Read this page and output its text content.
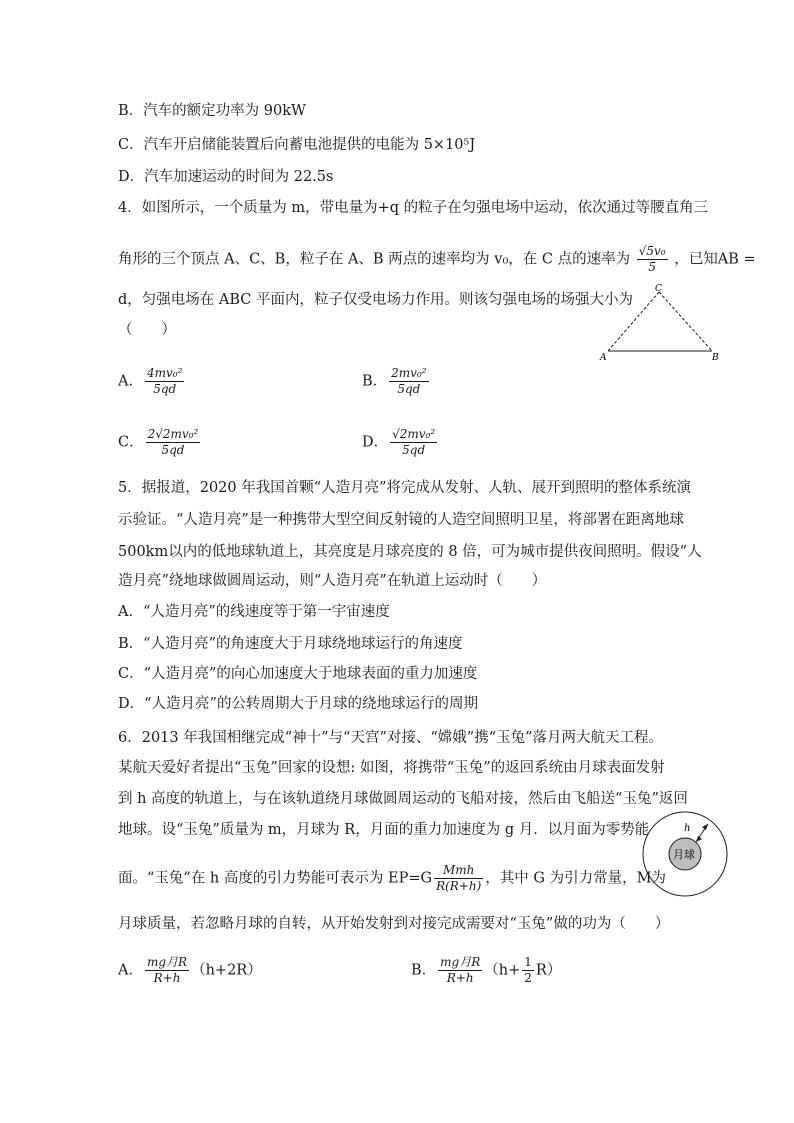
B．汽车的额定功率为 90kW
C．汽车开启储能装置后向蓄电池提供的电能为 5×10⁵J
D．汽车加速运动的时间为 22.5s
4．如图所示，一个质量为 m，带电量为+q 的粒子在匀强电场中运动，依次通过等腰直角三
角形的三个顶点 A、C、B，粒子在 A、B 两点的速率均为 v₀，在 C 点的速率为 $\frac{\text{√5v₀}}{5}$ ，已知AB =
d，匀强电场在 ABC 平面内，粒子仅受电场力作用。则该匀强电场的场强大小为
（　　）
A	B
C
A． $\frac{\text{4mv₀²}}{5qd}$	B． $\frac{\text{2mv₀²}}{5qd}$
C． $\frac{\text{2√2mv₀²}}{5qd}$	D． $\frac{\text{√2mv₀²}}{5qd}$
5．据报道，2020 年我国首颗“人造月亮”将完成从发射、人轨、展开到照明的整体系统演
示验证。“人造月亮”是一种携带大型空间反射镜的人造空间照明卫星，将部署在距离地球
500km以内的低地球轨道上，其亮度是月球亮度的 8 倍，可为城市提供夜间照明。假设“人
造月亮”绕地球做圆周运动，则“人造月亮”在轨道上运动时（　　）
A．“人造月亮”的线速度等于第一宇宙速度
B．“人造月亮”的角速度大于月球绕地球运行的角速度
C．“人造月亮”的向心加速度大于地球表面的重力加速度
D．“人造月亮”的公转周期大于月球的绕地球运行的周期
6．2013 年我国相继完成“神十”与“天宫”对接、“嫦娥”携“玉兔”落月两大航天工程。
某航天爱好者提出“玉兔”回家的设想: 如图，将携带“玉兔”的返回系统由月球表面发射
到 h 高度的轨道上，与在该轨道绕月球做圆周运动的飞船对接，然后由飞船送“玉兔”返回
地球。设“玉兔”质量为 m，月球为 R，月面的重力加速度为 g 月．以月面为零势能
面。“玉兔”在 h 高度的引力势能可表示为 $EP=G \frac{\text{Mmh}}{R(R+h)}$ ，其中 G 为引力常量，M为
月球质量，若忽略月球的自转，从开始发射到对接完成需要对“玉兔”做的功为（　　）
h
月球
A． $\frac{\text{mg月R}}{R+h} (h+2R)$	B． $\frac{\text{mg月R}}{R+h} (h+ \frac{1}{2} R)$
